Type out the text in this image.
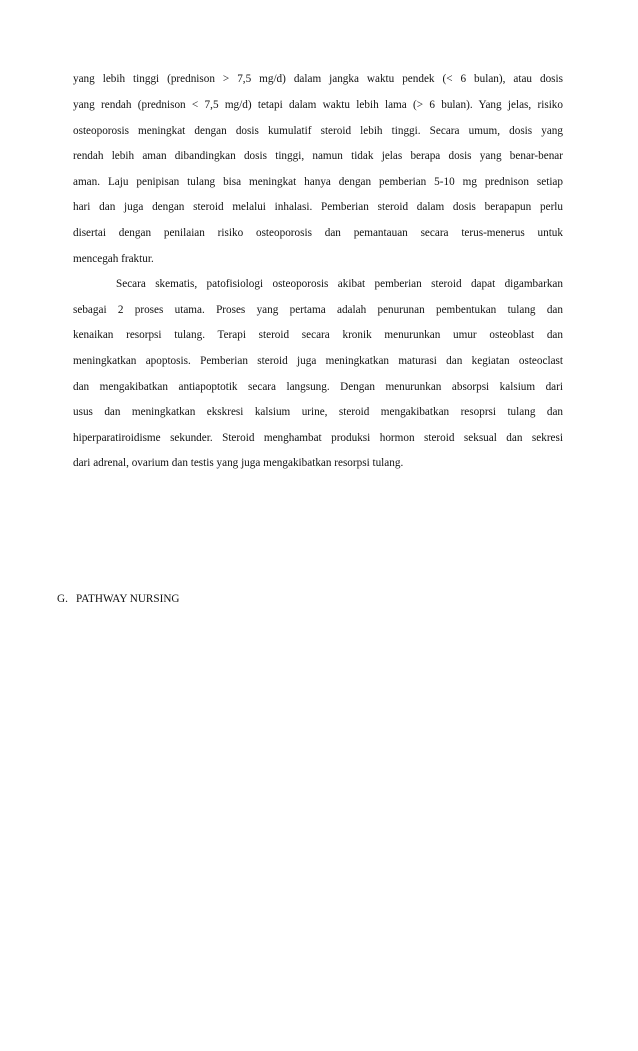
yang lebih tinggi (prednison > 7,5 mg/d) dalam jangka waktu pendek (< 6 bulan), atau dosis
yang rendah (prednison < 7,5 mg/d) tetapi dalam waktu lebih lama (> 6 bulan). Yang jelas, risiko
osteoporosis meningkat dengan dosis kumulatif steroid lebih tinggi. Secara umum, dosis yang
rendah lebih aman dibandingkan dosis tinggi, namun tidak jelas berapa dosis yang benar-benar
aman. Laju penipisan tulang bisa meningkat hanya dengan pemberian 5-10 mg prednison setiap
hari dan juga dengan steroid melalui inhalasi. Pemberian steroid dalam dosis berapapun perlu
disertai dengan penilaian risiko osteoporosis dan pemantauan secara terus-menerus untuk
mencegah fraktur.
Secara skematis, patofisiologi osteoporosis akibat pemberian steroid dapat digambarkan
sebagai 2 proses utama. Proses yang pertama adalah penurunan pembentukan tulang dan
kenaikan resorpsi tulang. Terapi steroid secara kronik menurunkan umur osteoblast dan
meningkatkan apoptosis. Pemberian steroid juga meningkatkan maturasi dan kegiatan osteoclast
dan mengakibatkan antiapoptotik secara langsung. Dengan menurunkan absorpsi kalsium dari
usus dan meningkatkan ekskresi kalsium urine, steroid mengakibatkan resoprsi tulang dan
hiperparatiroidisme sekunder. Steroid menghambat produksi hormon steroid seksual dan sekresi
dari adrenal, ovarium dan testis yang juga mengakibatkan resorpsi tulang.
G. PATHWAY NURSING
